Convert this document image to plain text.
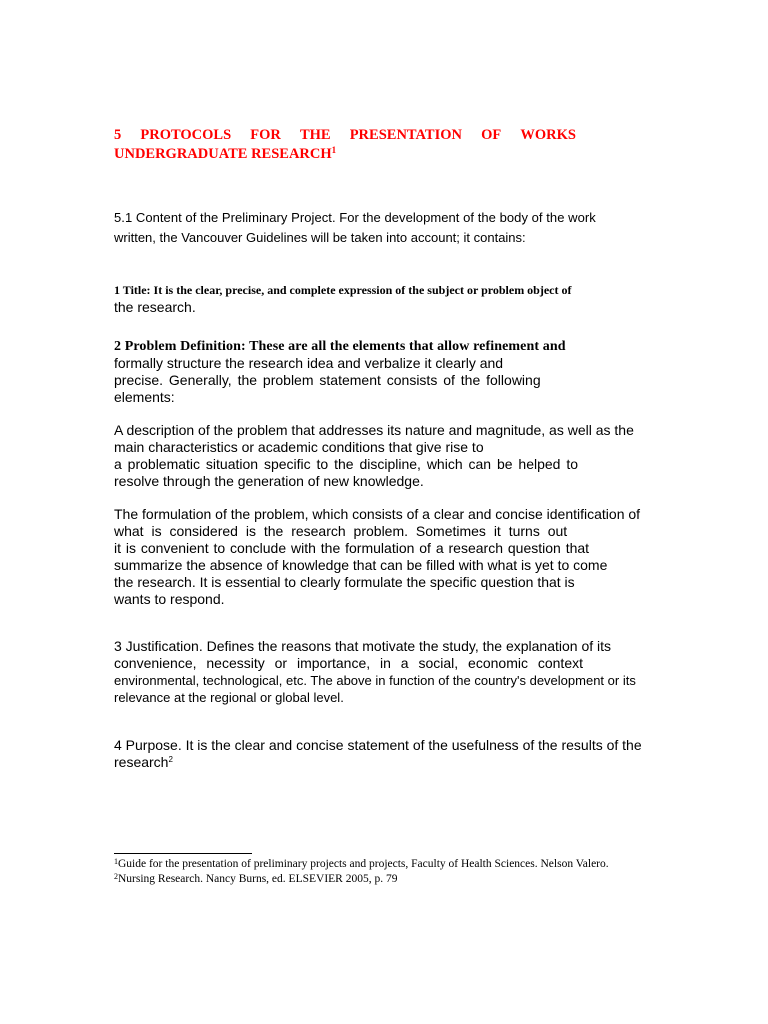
5 PROTOCOLS FOR THE PRESENTATION OF WORKS
UNDERGRADUATE RESEARCH$^1$
5.1 Content of the Preliminary Project. For the development of the body of the work
written, the Vancouver Guidelines will be taken into account; it contains:
1 Title: It is the clear, precise, and complete expression of the subject or problem object of
the research.
2 Problem Definition: These are all the elements that allow refinement and
formally structure the research idea and verbalize it clearly and
precise. Generally, the problem statement consists of the following
elements:
A description of the problem that addresses its nature and magnitude, as well as the
main characteristics or academic conditions that give rise to
a problematic situation specific to the discipline, which can be helped to
resolve through the generation of new knowledge.
The formulation of the problem, which consists of a clear and concise identification of
what is considered is the research problem. Sometimes it turns out
it is convenient to conclude with the formulation of a research question that
summarize the absence of knowledge that can be filled with what is yet to come
the research. It is essential to clearly formulate the specific question that is
wants to respond.
3 Justification. Defines the reasons that motivate the study, the explanation of its
convenience, necessity or importance, in a social, economic context
environmental, technological, etc. The above in function of the country's development or its
relevance at the regional or global level.
4 Purpose. It is the clear and concise statement of the usefulness of the results of the
research$^2$

$^1$Guide for the presentation of preliminary projects and projects, Faculty of Health Sciences. Nelson Valero.

$^2$Nursing Research. Nancy Burns, ed. ELSEVIER 2005, p. 79
